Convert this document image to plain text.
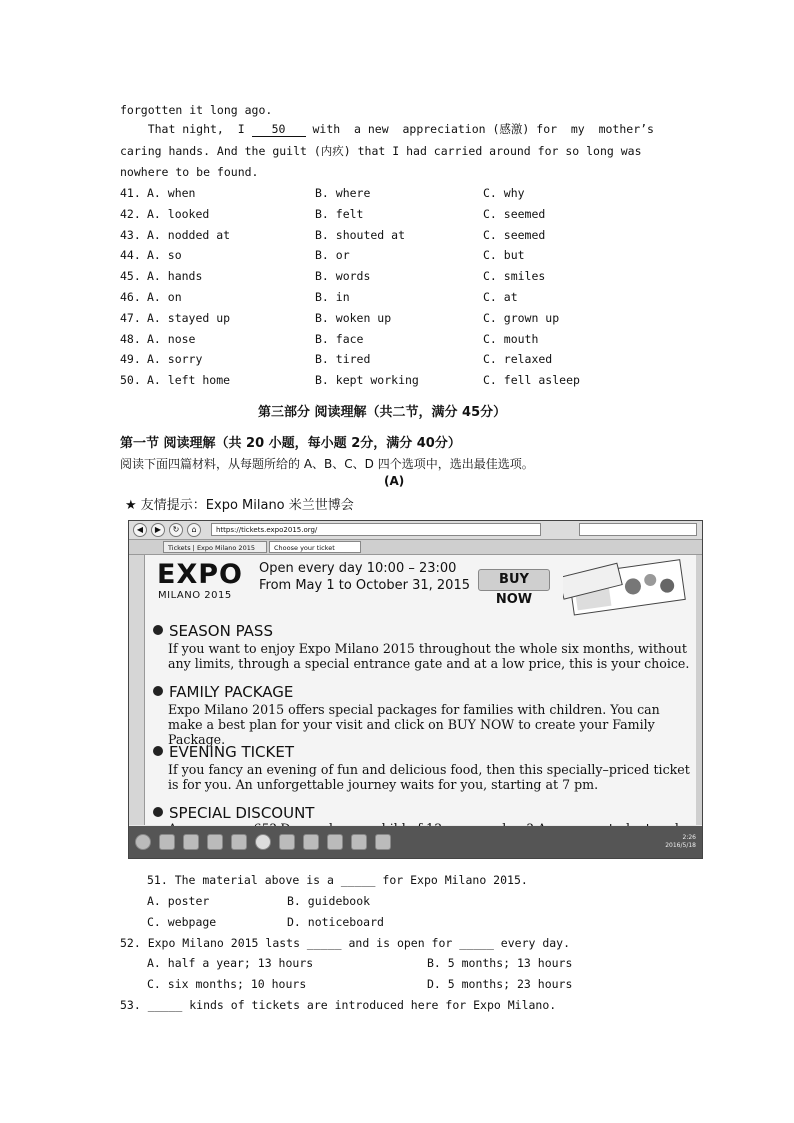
forgotten it long ago.
That night,  I 50 with  a new  appreciation (感激) for  my  mother’s
caring hands. And the guilt (内疚) that I had carried around for so long was
nowhere to be found.
41. A. when	B. where	C. why
42. A. looked	B. felt	C. seemed
43. A. nodded at	B. shouted at	C. seemed
44. A. so	B. or	C. but
45. A. hands	B. words	C. smiles
46. A. on	B. in	C. at
47. A. stayed up	B. woken up	C. grown up
48. A. nose	B. face	C. mouth
49. A. sorry	B. tired	C. relaxed
50. A. left home	B. kept working	C. fell asleep
第三部分 阅读理解（共二节，满分 45分）
第一节 阅读理解（共 20 小题，每小题 2分，满分 40分）
阅读下面四篇材料，从每题所给的 A、B、C、D 四个选项中，选出最佳选项。
(A)
★ 友情提示：Expo Milano 米兰世博会
◀	▶	↻	⌂	https://tickets.expo2015.org/
Tickets | Expo Milano 2015	Choose your ticket
EXPO
MILANO 2015
Open every day 10:00 – 23:00
From May 1 to October 31, 2015	BUY NOW
SEASON PASS
If you want to enjoy Expo Milano 2015 throughout the whole six months, without any limits, through a special entrance gate and at a low price, this is your choice.
FAMILY PACKAGE
Expo Milano 2015 offers special packages for families with children. You can make a best plan for your visit and click on BUY NOW to create your Family Package.
EVENING TICKET
If you fancy an evening of fun and delicious food, then this specially–priced ticket is for you. An unforgettable journey waits for you, starting at 7 pm.
SPECIAL DISCOUNT
2:26
2016/5/18
51. The material above is a _____ for Expo Milano 2015.
A. poster	B. guidebook
C. webpage	D. noticeboard
52. Expo Milano 2015 lasts _____ and is open for _____ every day.
A. half a year; 13 hours	B. 5 months; 13 hours
C. six months; 10 hours	D. 5 months; 23 hours
53. _____ kinds of tickets are introduced here for Expo Milano.
